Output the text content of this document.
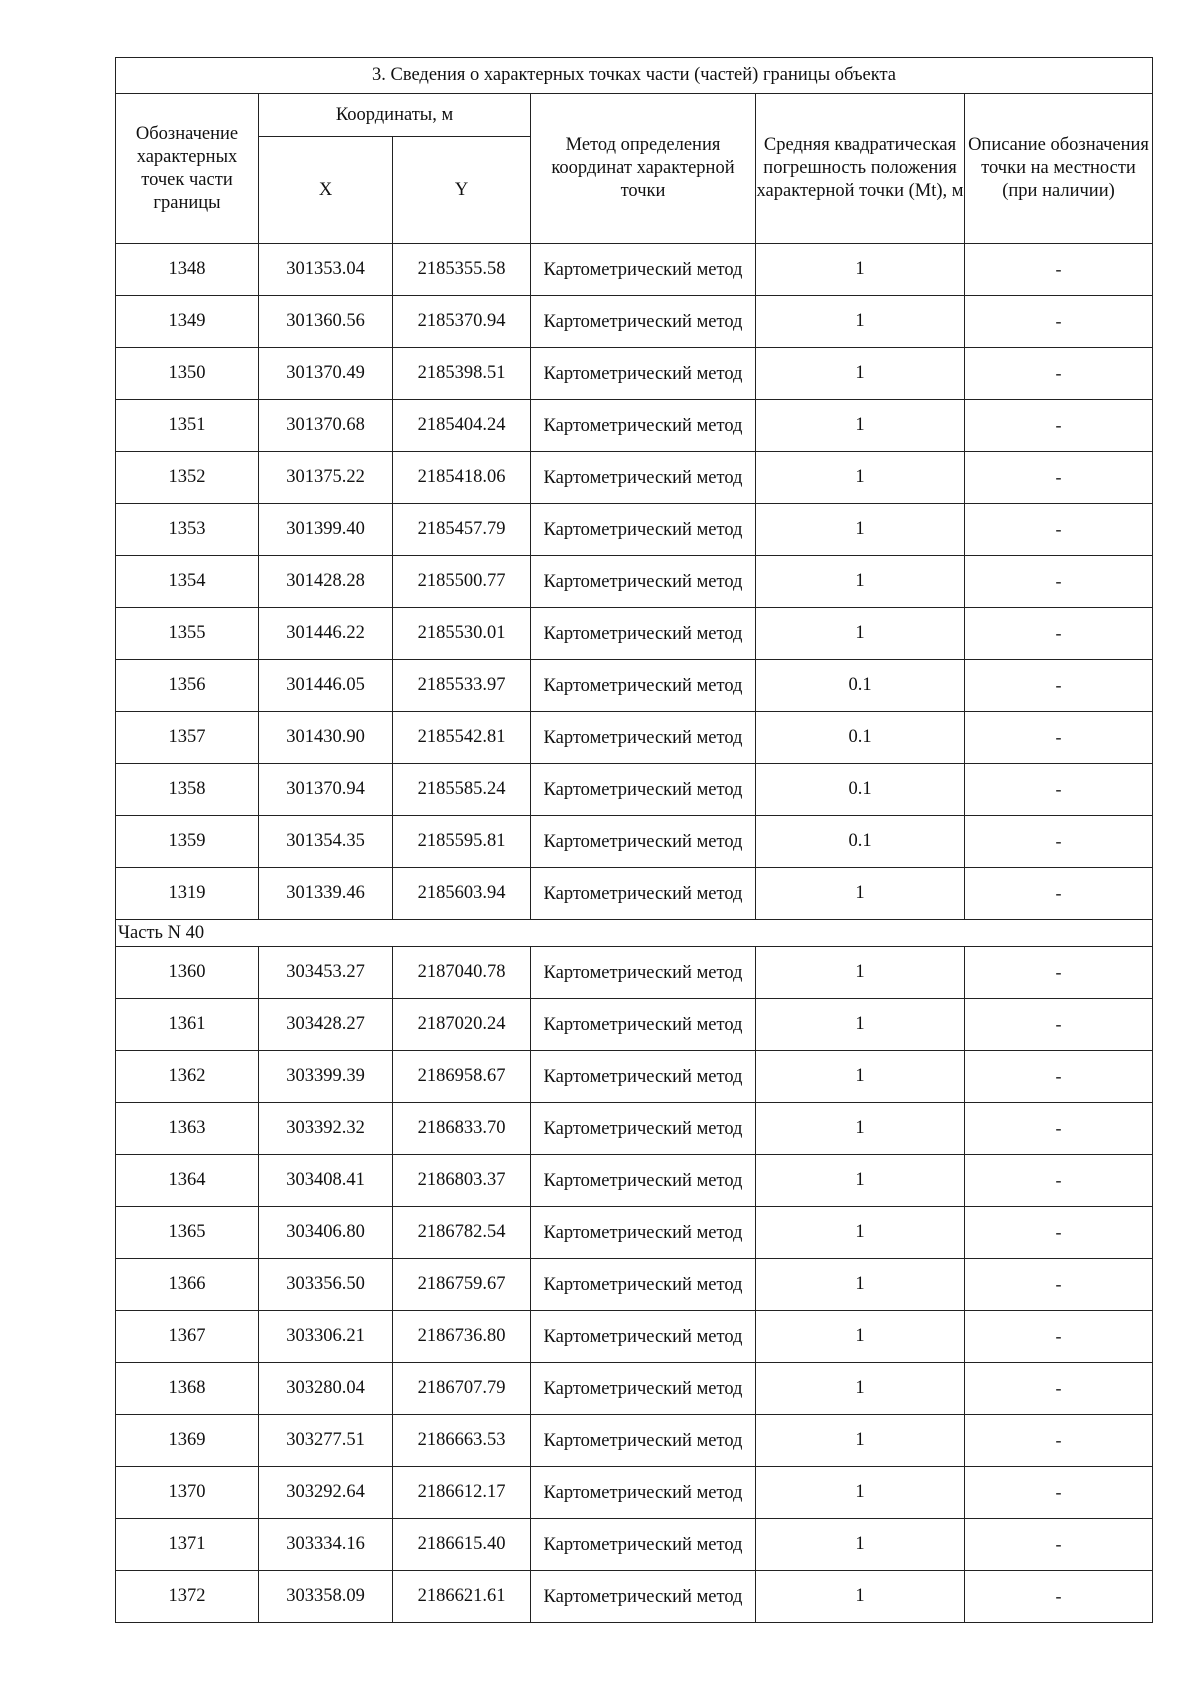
3. Сведения о характерных точках части (частей) границы объекта					
Обозначение характерных точек части границы	Координаты, м		Метод определения координат характерной точки	Средняя квадратическая погрешность положения характерной точки (Mt), м	Описание обозначения точки на местности (при наличии)
	X	Y			
1348	301353.04	2185355.58	Картометрический метод	1	-
1349	301360.56	2185370.94	Картометрический метод	1	-
1350	301370.49	2185398.51	Картометрический метод	1	-
1351	301370.68	2185404.24	Картометрический метод	1	-
1352	301375.22	2185418.06	Картометрический метод	1	-
1353	301399.40	2185457.79	Картометрический метод	1	-
1354	301428.28	2185500.77	Картометрический метод	1	-
1355	301446.22	2185530.01	Картометрический метод	1	-
1356	301446.05	2185533.97	Картометрический метод	0.1	-
1357	301430.90	2185542.81	Картометрический метод	0.1	-
1358	301370.94	2185585.24	Картометрический метод	0.1	-
1359	301354.35	2185595.81	Картометрический метод	0.1	-
1319	301339.46	2185603.94	Картометрический метод	1	-
Часть N 40					
1360	303453.27	2187040.78	Картометрический метод	1	-
1361	303428.27	2187020.24	Картометрический метод	1	-
1362	303399.39	2186958.67	Картометрический метод	1	-
1363	303392.32	2186833.70	Картометрический метод	1	-
1364	303408.41	2186803.37	Картометрический метод	1	-
1365	303406.80	2186782.54	Картометрический метод	1	-
1366	303356.50	2186759.67	Картометрический метод	1	-
1367	303306.21	2186736.80	Картометрический метод	1	-
1368	303280.04	2186707.79	Картометрический метод	1	-
1369	303277.51	2186663.53	Картометрический метод	1	-
1370	303292.64	2186612.17	Картометрический метод	1	-
1371	303334.16	2186615.40	Картометрический метод	1	-
1372	303358.09	2186621.61	Картометрический метод	1	-
